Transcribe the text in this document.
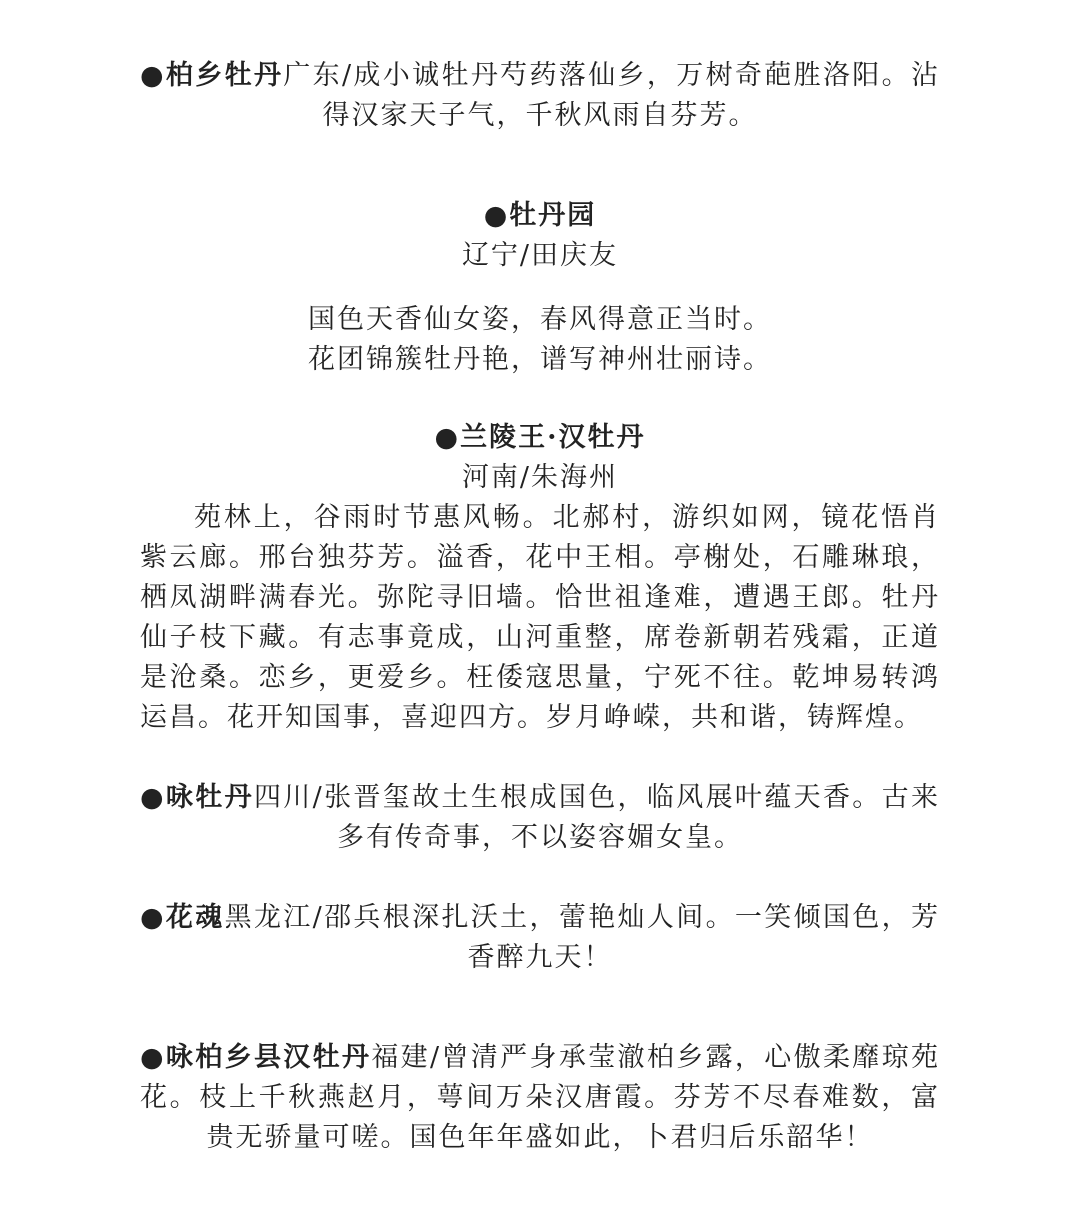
●柏乡牡丹广东/成小诚牡丹芍药落仙乡，万树奇葩胜洛阳。沾得汉家天子气，千秋风雨自芬芳。
●牡丹园
辽宁/田庆友
国色天香仙女姿，春风得意正当时。
花团锦簇牡丹艳，谱写神州壮丽诗。
●兰陵王·汉牡丹
河南/朱海州
苑林上，谷雨时节惠风畅。北郝村，游织如网，镜花悟肖紫云廊。邢台独芬芳。溢香，花中王相。亭榭处，石雕琳琅，栖凤湖畔满春光。弥陀寻旧墙。恰世祖逢难，遭遇王郎。牡丹仙子枝下藏。有志事竟成，山河重整，席卷新朝若残霜，正道是沧桑。恋乡，更爱乡。枉倭寇思量，宁死不往。乾坤易转鸿运昌。花开知国事，喜迎四方。岁月峥嵘，共和谐，铸辉煌。
●咏牡丹四川/张晋玺故土生根成国色，临风展叶蕴天香。古来多有传奇事，不以姿容媚女皇。
●花魂黑龙江/邵兵根深扎沃土，蕾艳灿人间。一笑倾国色，芳香醉九天！
●咏柏乡县汉牡丹福建/曾清严身承莹澈柏乡露，心傲柔靡琼苑花。枝上千秋燕赵月，萼间万朵汉唐霞。芬芳不尽春难数，富贵无骄量可嗟。国色年年盛如此，卜君归后乐韶华！
